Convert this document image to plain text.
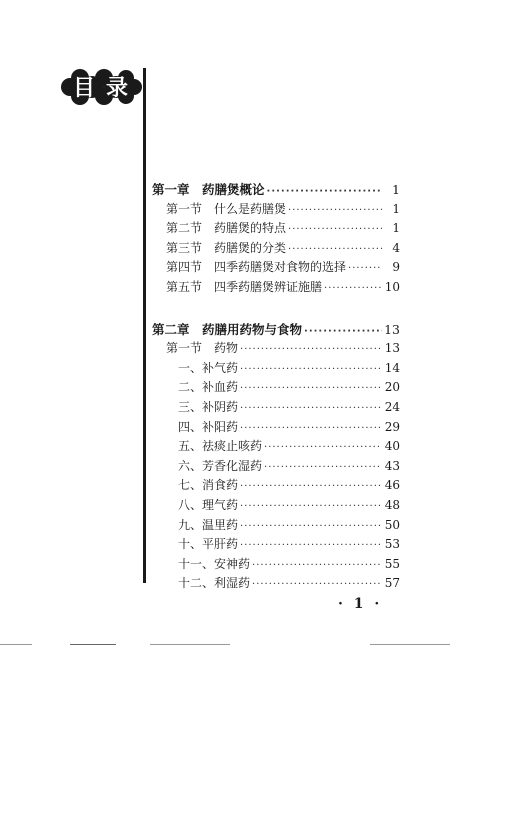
目 录
第一章　药膳煲概论 ·····	1
第一节　什么是药膳煲 ·····	1
第二节　药膳煲的特点 ·····	1
第三节　药膳煲的分类 ·····	4
第四节　四季药膳煲对食物的选择 ·····	9
第五节　四季药膳煲辨证施膳 ·····	10
第二章　药膳用药物与食物 ·····	13
第一节　药物 ·····	13
一、补气药 ·····	14
二、补血药 ·····	20
三、补阴药 ·····	24
四、补阳药 ·····	29
五、祛痰止咳药 ·····	40
六、芳香化湿药 ·····	43
七、消食药 ·····	46
八、理气药 ·····	48
九、温里药 ·····	50
十、平肝药 ·····	53
十一、安神药 ·····	55
十二、利湿药 ·····	57
· 1 ·
